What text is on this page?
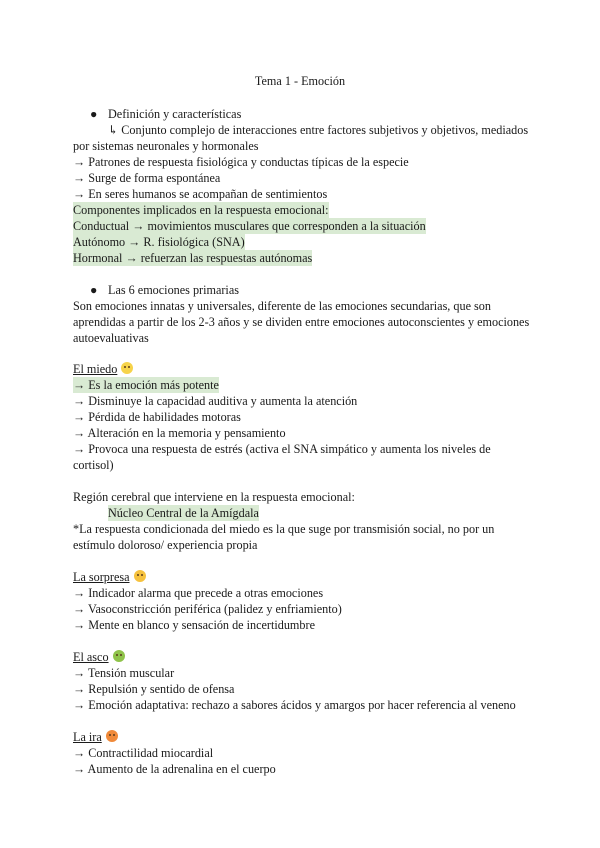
Tema 1 - Emoción
● Definición y características
↳ Conjunto complejo de interacciones entre factores subjetivos y objetivos, mediados
por sistemas neuronales y hormonales
→ Patrones de respuesta fisiológica y conductas típicas de la especie
→ Surge de forma espontánea
→ En seres humanos se acompañan de sentimientos
Componentes implicados en la respuesta emocional:
Conductual → movimientos musculares que corresponden a la situación
Autónomo → R. fisiológica (SNA)
Hormonal → refuerzan las respuestas autónomas
● Las 6 emociones primarias
Son emociones innatas y universales, diferente de las emociones secundarias, que son
aprendidas a partir de los 2-3 años y se dividen entre emociones autoconscientes y emociones
autoevaluativas
El miedo
→ Es la emoción más potente
→ Disminuye la capacidad auditiva y aumenta la atención
→ Pérdida de habilidades motoras
→ Alteración en la memoria y pensamiento
→ Provoca una respuesta de estrés (activa el SNA simpático y aumenta los niveles de
cortisol)
Región cerebral que interviene en la respuesta emocional:
Núcleo Central de la Amígdala
*La respuesta condicionada del miedo es la que suge por transmisión social, no por un
estímulo doloroso/ experiencia propia
La sorpresa
→ Indicador alarma que precede a otras emociones
→ Vasoconstricción periférica (palidez y enfriamiento)
→ Mente en blanco y sensación de incertidumbre
El asco
→ Tensión muscular
→ Repulsión y sentido de ofensa
→ Emoción adaptativa: rechazo a sabores ácidos y amargos por hacer referencia al veneno
La ira
→ Contractilidad miocardial
→ Aumento de la adrenalina en el cuerpo
